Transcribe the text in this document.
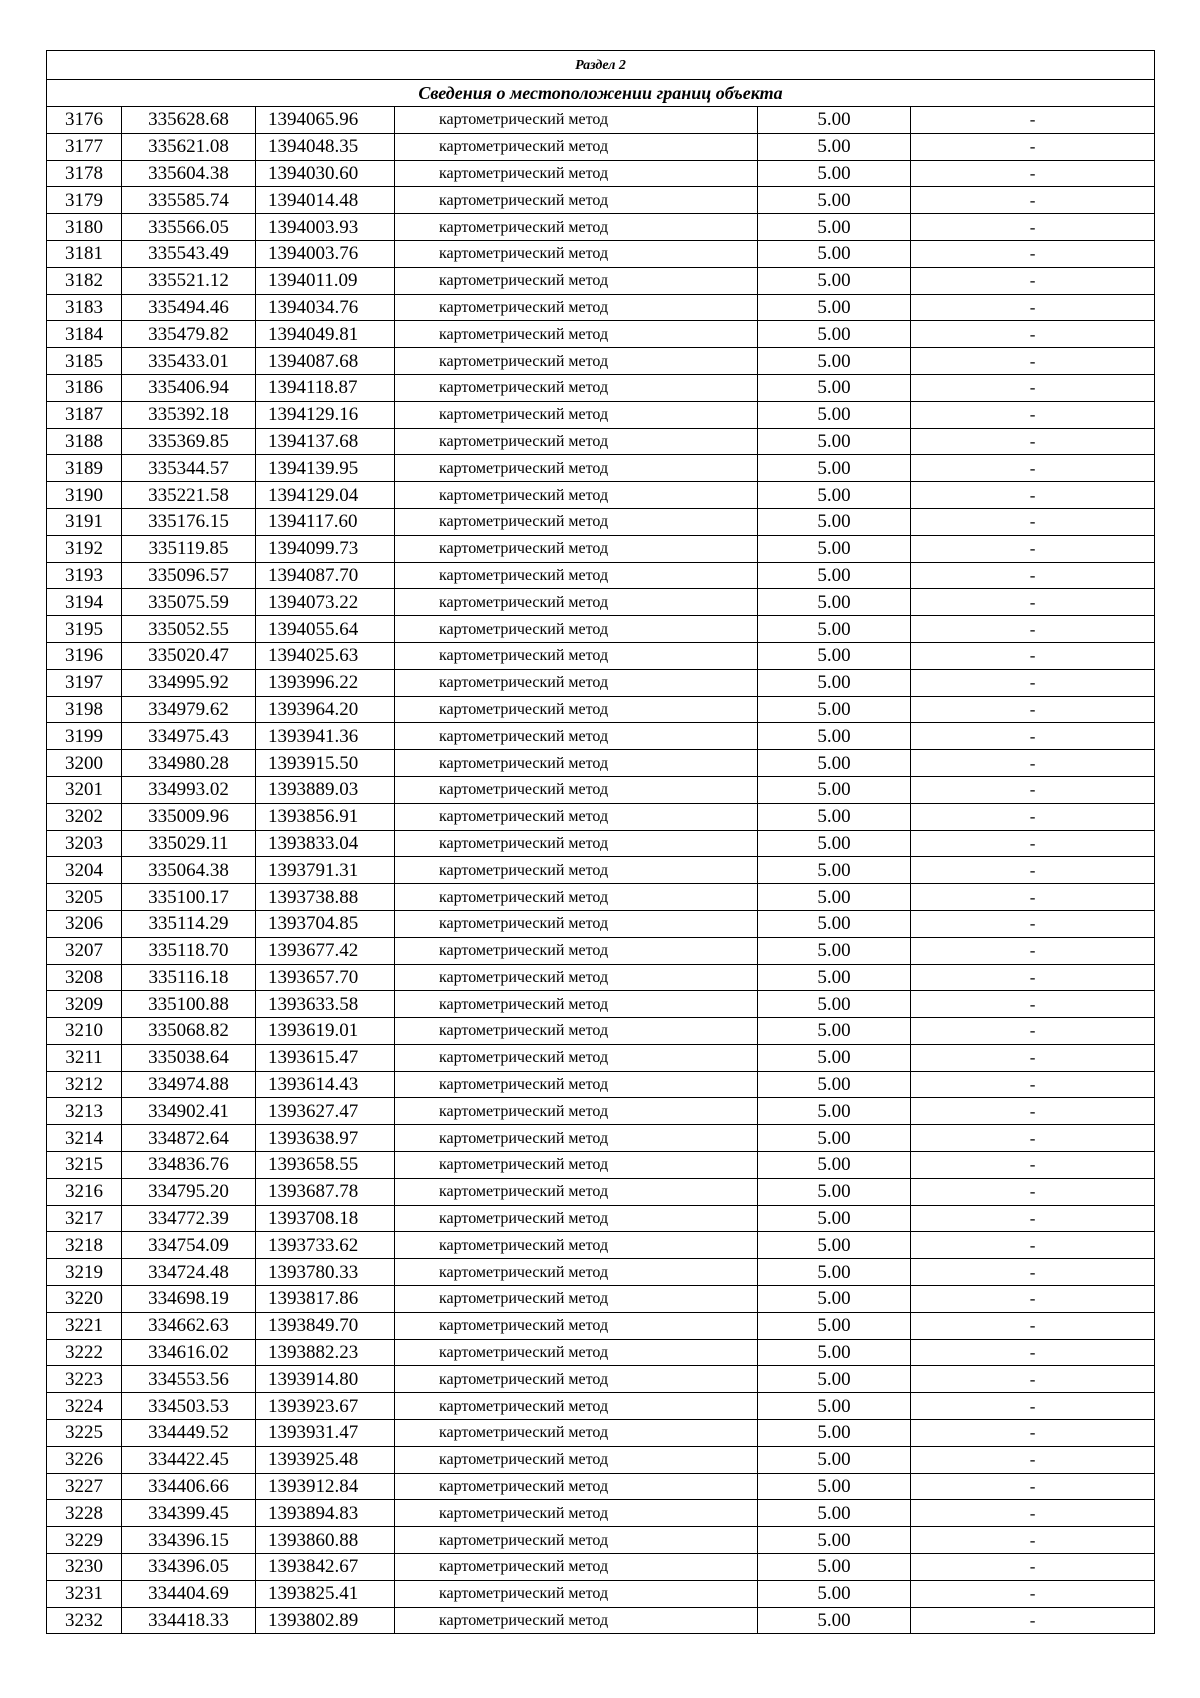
Раздел 2					
Сведения о местоположении границ объекта					
3176	335628.68	1394065.96	картометрический метод	5.00	-
3177	335621.08	1394048.35	картометрический метод	5.00	-
3178	335604.38	1394030.60	картометрический метод	5.00	-
3179	335585.74	1394014.48	картометрический метод	5.00	-
3180	335566.05	1394003.93	картометрический метод	5.00	-
3181	335543.49	1394003.76	картометрический метод	5.00	-
3182	335521.12	1394011.09	картометрический метод	5.00	-
3183	335494.46	1394034.76	картометрический метод	5.00	-
3184	335479.82	1394049.81	картометрический метод	5.00	-
3185	335433.01	1394087.68	картометрический метод	5.00	-
3186	335406.94	1394118.87	картометрический метод	5.00	-
3187	335392.18	1394129.16	картометрический метод	5.00	-
3188	335369.85	1394137.68	картометрический метод	5.00	-
3189	335344.57	1394139.95	картометрический метод	5.00	-
3190	335221.58	1394129.04	картометрический метод	5.00	-
3191	335176.15	1394117.60	картометрический метод	5.00	-
3192	335119.85	1394099.73	картометрический метод	5.00	-
3193	335096.57	1394087.70	картометрический метод	5.00	-
3194	335075.59	1394073.22	картометрический метод	5.00	-
3195	335052.55	1394055.64	картометрический метод	5.00	-
3196	335020.47	1394025.63	картометрический метод	5.00	-
3197	334995.92	1393996.22	картометрический метод	5.00	-
3198	334979.62	1393964.20	картометрический метод	5.00	-
3199	334975.43	1393941.36	картометрический метод	5.00	-
3200	334980.28	1393915.50	картометрический метод	5.00	-
3201	334993.02	1393889.03	картометрический метод	5.00	-
3202	335009.96	1393856.91	картометрический метод	5.00	-
3203	335029.11	1393833.04	картометрический метод	5.00	-
3204	335064.38	1393791.31	картометрический метод	5.00	-
3205	335100.17	1393738.88	картометрический метод	5.00	-
3206	335114.29	1393704.85	картометрический метод	5.00	-
3207	335118.70	1393677.42	картометрический метод	5.00	-
3208	335116.18	1393657.70	картометрический метод	5.00	-
3209	335100.88	1393633.58	картометрический метод	5.00	-
3210	335068.82	1393619.01	картометрический метод	5.00	-
3211	335038.64	1393615.47	картометрический метод	5.00	-
3212	334974.88	1393614.43	картометрический метод	5.00	-
3213	334902.41	1393627.47	картометрический метод	5.00	-
3214	334872.64	1393638.97	картометрический метод	5.00	-
3215	334836.76	1393658.55	картометрический метод	5.00	-
3216	334795.20	1393687.78	картометрический метод	5.00	-
3217	334772.39	1393708.18	картометрический метод	5.00	-
3218	334754.09	1393733.62	картометрический метод	5.00	-
3219	334724.48	1393780.33	картометрический метод	5.00	-
3220	334698.19	1393817.86	картометрический метод	5.00	-
3221	334662.63	1393849.70	картометрический метод	5.00	-
3222	334616.02	1393882.23	картометрический метод	5.00	-
3223	334553.56	1393914.80	картометрический метод	5.00	-
3224	334503.53	1393923.67	картометрический метод	5.00	-
3225	334449.52	1393931.47	картометрический метод	5.00	-
3226	334422.45	1393925.48	картометрический метод	5.00	-
3227	334406.66	1393912.84	картометрический метод	5.00	-
3228	334399.45	1393894.83	картометрический метод	5.00	-
3229	334396.15	1393860.88	картометрический метод	5.00	-
3230	334396.05	1393842.67	картометрический метод	5.00	-
3231	334404.69	1393825.41	картометрический метод	5.00	-
3232	334418.33	1393802.89	картометрический метод	5.00	-
